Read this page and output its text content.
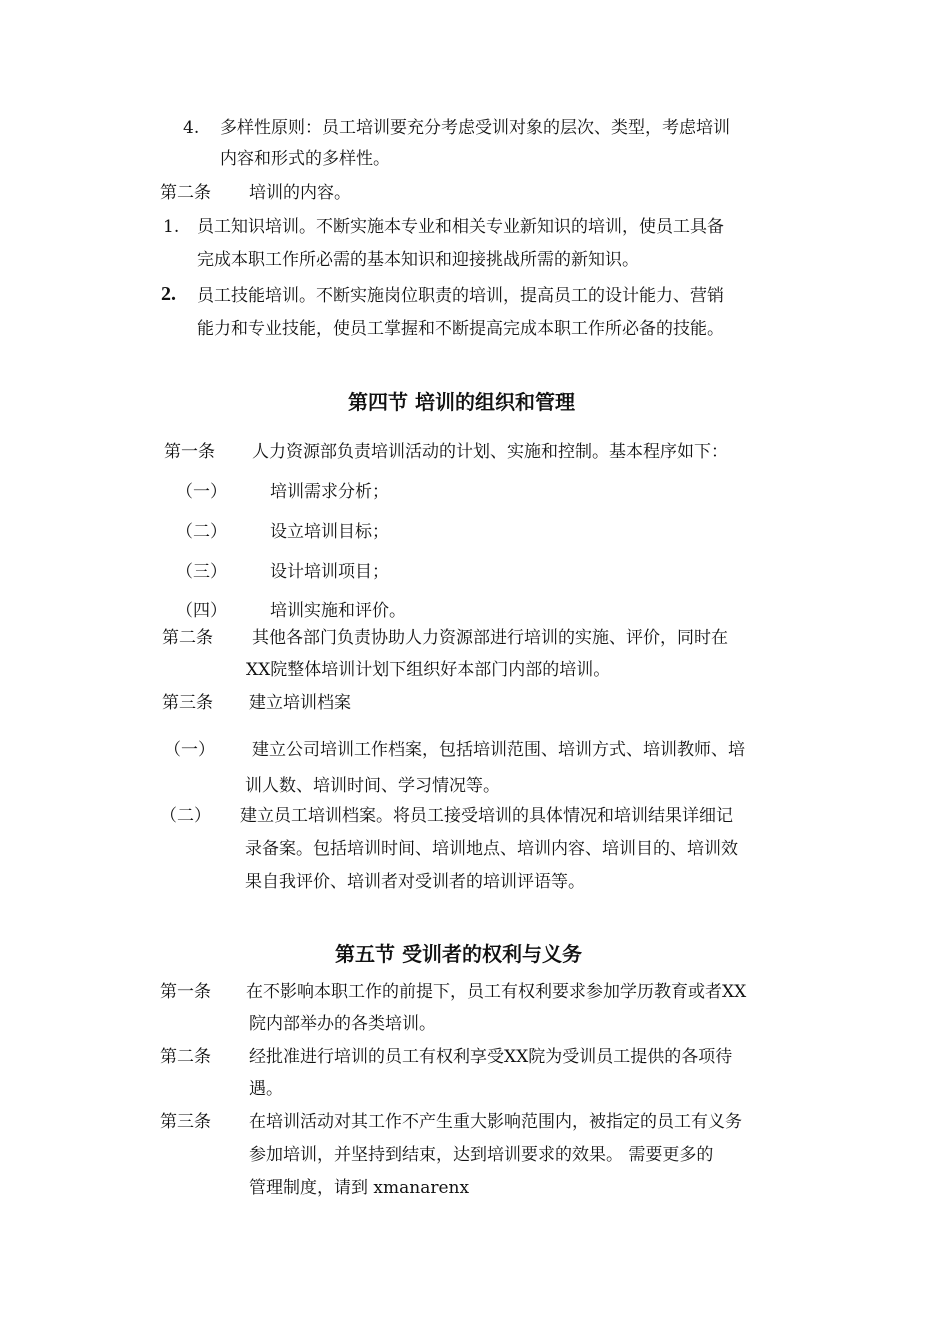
4. 多样性原则：员工培训要充分考虑受训对象的层次、类型，考虑培训
内容和形式的多样性。
第二条 培训的内容。
1. 员工知识培训。不断实施本专业和相关专业新知识的培训，使员工具备
完成本职工作所必需的基本知识和迎接挑战所需的新知识。
2. 员工技能培训。不断实施岗位职责的培训，提高员工的设计能力、营销
能力和专业技能，使员工掌握和不断提高完成本职工作所必备的技能。
第四节 培训的组织和管理
第一条 人力资源部负责培训活动的计划、实施和控制。基本程序如下：
（一）	培训需求分析；
（二）	设立培训目标；
（三）	设计培训项目；
（四）	培训实施和评价。
第二条 其他各部门负责协助人力资源部进行培训的实施、评价，同时在
XX院整体培训计划下组织好本部门内部的培训。
第三条 建立培训档案
（一） 建立公司培训工作档案，包括培训范围、培训方式、培训教师、培
训人数、培训时间、学习情况等。
（二） 建立员工培训档案。将员工接受培训的具体情况和培训结果详细记
录备案。包括培训时间、培训地点、培训内容、培训目的、培训效
果自我评价、培训者对受训者的培训评语等。
第五节 受训者的权利与义务
第一条 在不影响本职工作的前提下，员工有权利要求参加学历教育或者XX
院内部举办的各类培训。
第二条 经批准进行培训的员工有权利享受XX院为受训员工提供的各项待
遇。
第三条 在培训活动对其工作不产生重大影响范围内，被指定的员工有义务
参加培训，并坚持到结束，达到培训要求的效果。 需要更多的
管理制度，请到 xmanarenx
